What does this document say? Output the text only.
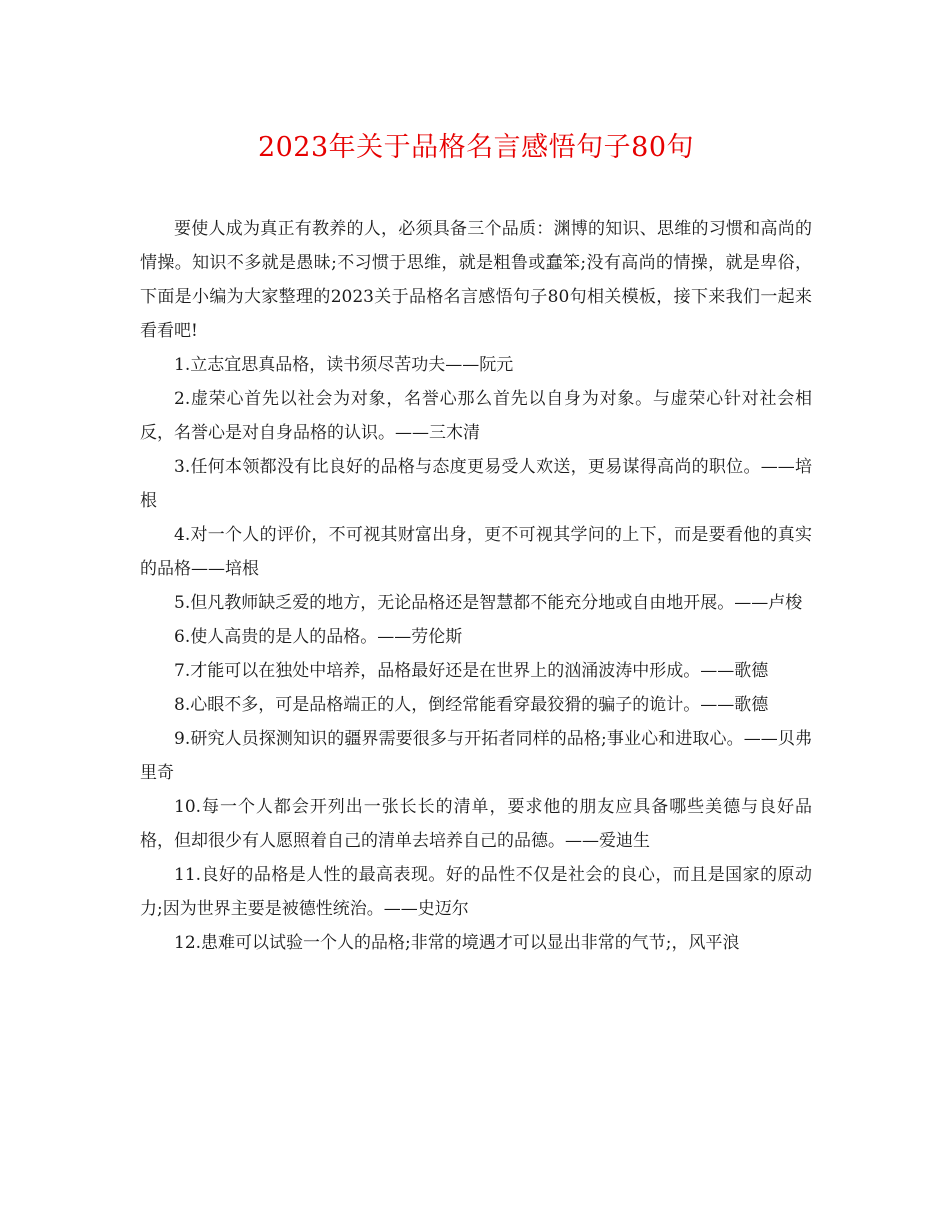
2023年关于品格名言感悟句子80句

要使人成为真正有教养的人，必须具备三个品质：渊博的知识、思维的习惯和高尚的情操。知识不多就是愚昧;不习惯于思维，就是粗鲁或蠢笨;没有高尚的情操，就是卑俗，下面是小编为大家整理的2023关于品格名言感悟句子80句相关模板，接下来我们一起来看看吧!

1.立志宜思真品格，读书须尽苦功夫——阮元

2.虚荣心首先以社会为对象，名誉心那么首先以自身为对象。与虚荣心针对社会相反，名誉心是对自身品格的认识。——三木清

3.任何本领都没有比良好的品格与态度更易受人欢送，更易谋得高尚的职位。——培根

4.对一个人的评价，不可视其财富出身，更不可视其学问的上下，而是要看他的真实的品格——培根

5.但凡教师缺乏爱的地方，无论品格还是智慧都不能充分地或自由地开展。——卢梭

6.使人高贵的是人的品格。——劳伦斯

7.才能可以在独处中培养，品格最好还是在世界上的汹涌波涛中形成。——歌德

8.心眼不多，可是品格端正的人，倒经常能看穿最狡猾的骗子的诡计。——歌德

9.研究人员探测知识的疆界需要很多与开拓者同样的品格;事业心和进取心。——贝弗里奇

10.每一个人都会开列出一张长长的清单，要求他的朋友应具备哪些美德与良好品格，但却很少有人愿照着自己的清单去培养自己的品德。——爱迪生

11.良好的品格是人性的最高表现。好的品性不仅是社会的良心，而且是国家的原动力;因为世界主要是被德性统治。——史迈尔

12.患难可以试验一个人的品格;非常的境遇才可以显出非常的气节;，风平浪
